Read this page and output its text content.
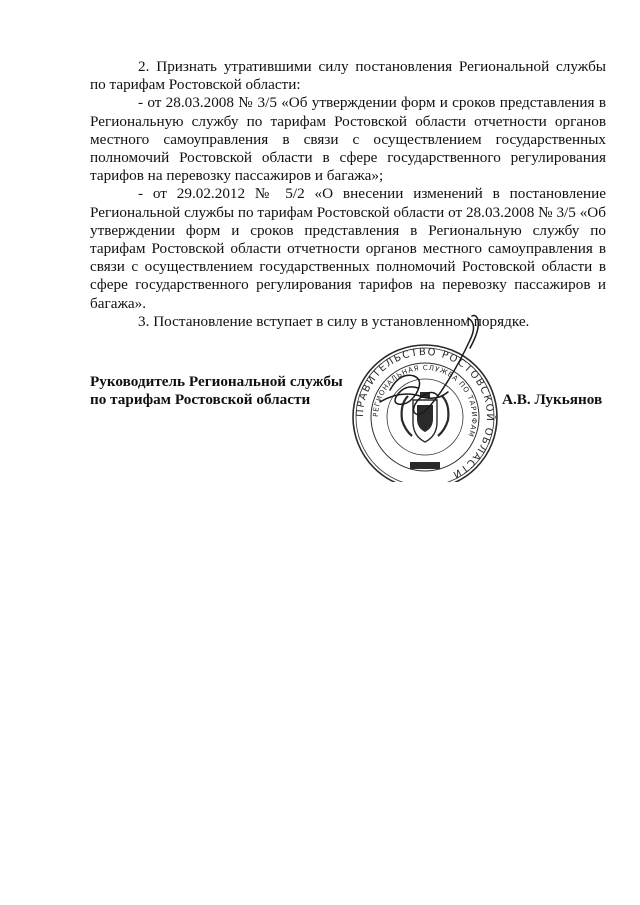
2. Признать утратившими силу постановления Региональной службы по тарифам Ростовской области:

- от 28.03.2008 № 3/5 «Об утверждении форм и сроков представления в Региональную службу по тарифам Ростовской области отчетности органов местного самоуправления в связи с осуществлением государственных полномочий Ростовской области в сфере государственного регулирования тарифов на перевозку пассажиров и багажа»;

- от 29.02.2012 № 5/2 «О внесении изменений в постановление Региональной службы по тарифам Ростовской области от 28.03.2008 № 3/5 «Об утверждении форм и сроков представления в Региональную службу по тарифам Ростовской области отчетности органов местного самоуправления в связи с осуществлением государственных полномочий Ростовской области в сфере государственного регулирования тарифов на перевозку пассажиров и багажа».

3. Постановление вступает в силу в установленном порядке.

Руководитель Региональной службы
по тарифам Ростовской области
ПРАВИТЕЛЬСТВО РОСТОВСКОЙ ОБЛАСТИ
РЕГИОНАЛЬНАЯ СЛУЖБА ПО ТАРИФАМ
А.В. Лукьянов
